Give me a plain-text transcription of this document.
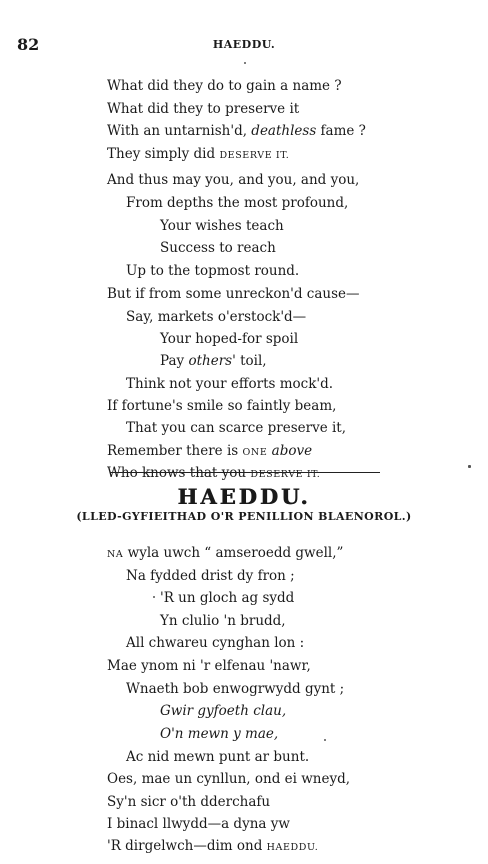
82	HAEDDU.
What did they do to gain a name ?
What did they to preserve it
With an untarnish'd, deathless fame ?
They simply did DESERVE IT.
And thus may you, and you, and you,
From depths the most profound,
Your wishes teach
Success to reach
Up to the topmost round.
But if from some unreckon'd cause—
Say, markets o'erstock'd—
Your hoped-for spoil
Pay others' toil,
Think not your efforts mock'd.
If fortune's smile so faintly beam,
That you can scarce preserve it,
Remember there is ONE above
Who knows that you DESERVE IT.
HAEDDU.
(LLED-GYFIEITHAD O'R PENILLION BLAENOROL.)
NA wyla uwch “ amseroedd gwell,”
Na fydded drist dy fron ;
'R un gloch ag sydd
Yn clulio 'n brudd,
All chwareu cynghan lon :
Mae ynom ni 'r elfenau 'nawr,
Wnaeth bob enwogrwydd gynt ;
Gwir gyfoeth clau,
O'n mewn y mae,
Ac nid mewn punt ar bunt.
Oes, mae un cynllun, ond ei wneyd,
Sy'n sicr o'th dderchafu
I binacl llwydd—a dyna yw
'R dirgelwch—dim ond HAEDDU.
